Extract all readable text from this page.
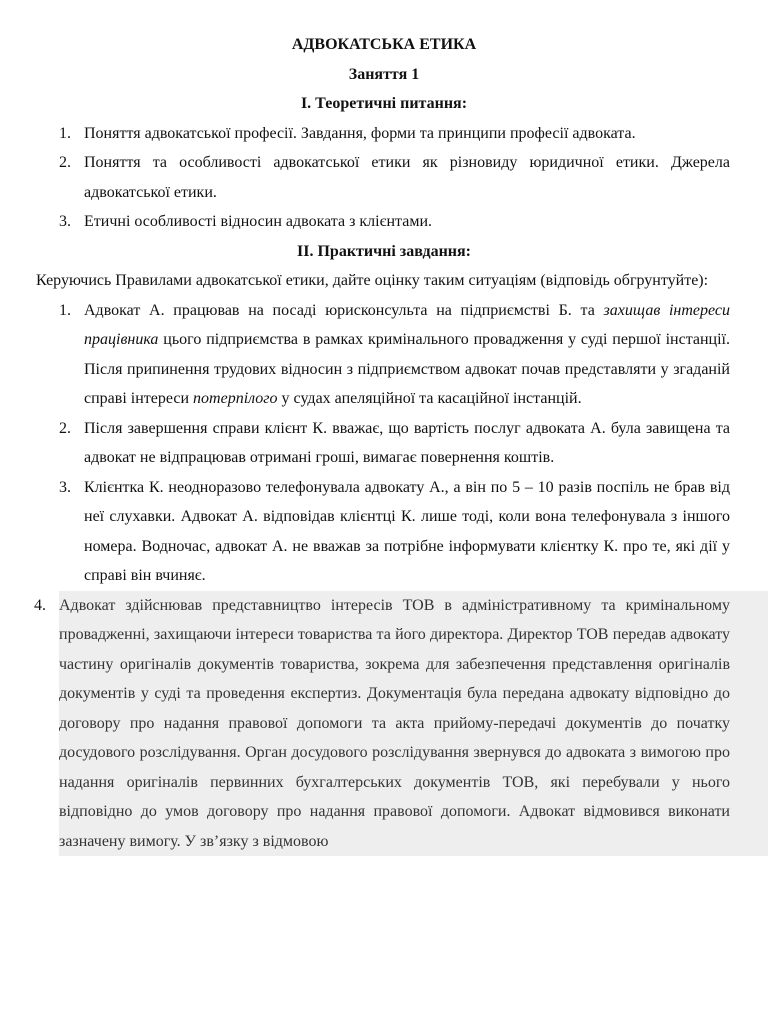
АДВОКАТСЬКА ЕТИКА

Заняття 1

І. Теоретичні питання:

1. Поняття адвокатської професії. Завдання, форми та принципи професії адвоката.
2. Поняття та особливості адвокатської етики як різновиду юридичної етики. Джерела адвокатської етики.
3. Етичні особливості відносин адвоката з клієнтами.

ІІ. Практичні завдання:

Керуючись Правилами адвокатської етики, дайте оцінку таким ситуаціям (відповідь обгрунтуйте):

1. Адвокат А. працював на посаді юрисконсульта на підприємстві Б. та захищав інтереси працівника цього підприємства в рамках кримінального провадження у суді першої інстанції. Після припинення трудових відносин з підприємством адвокат почав представляти у згаданій справі інтереси потерпілого у судах апеляційної та касаційної інстанцій.
2. Після завершення справи клієнт К. вважає, що вартість послуг адвоката А. була завищена та адвокат не відпрацював отримані гроші, вимагає повернення коштів.
3. Клієнтка К. неодноразово телефонувала адвокату А., а він по 5 – 10 разів поспіль не брав від неї слухавки. Адвокат А. відповідав клієнтці К. лише тоді, коли вона телефонувала з іншого номера. Водночас, адвокат А. не вважав за потрібне інформувати клієнтку К. про те, які дії у справі він вчиняє.
4. Адвокат здійснював представництво інтересів ТОВ в адміністративному та кримінальному провадженні, захищаючи інтереси товариства та його директора. Директор ТОВ передав адвокату частину оригіналів документів товариства, зокрема для забезпечення представлення оригіналів документів у суді та проведення експертиз. Документація була передана адвокату відповідно до договору про надання правової допомоги та акта прийому-передачі документів до початку досудового розслідування. Орган досудового розслідування звернувся до адвоката з вимогою про надання оригіналів первинних бухгалтерських документів ТОВ, які перебували у нього відповідно до умов договору про надання правової допомоги. Адвокат відмовився виконати зазначену вимогу. У зв’язку з відмовою
